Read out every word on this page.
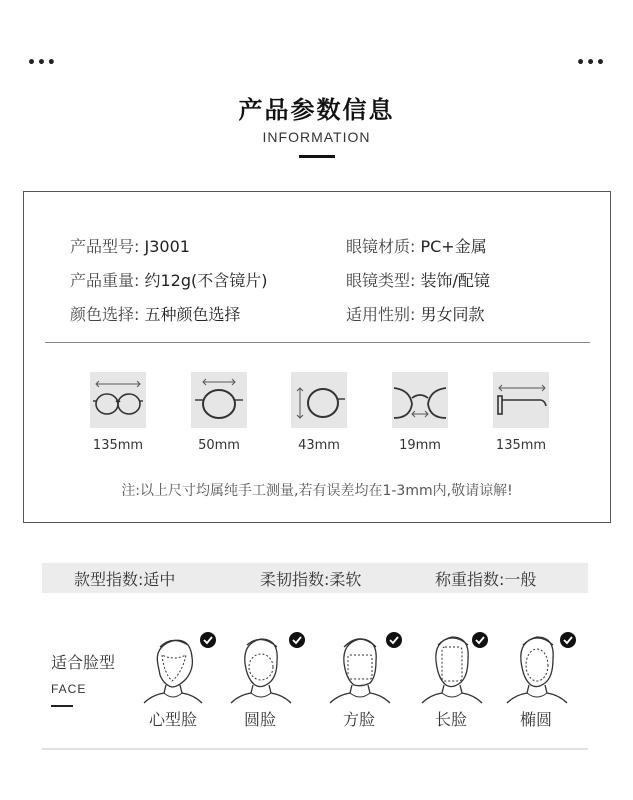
•••	•••
产品参数信息
INFORMATION
产品型号: J3001	眼镜材质: PC+金属
产品重量: 约12g(不含镜片)	眼镜类型: 装饰/配镜
颜色选择: 五种颜色选择	适用性别: 男女同款
135mm	50mm	43mm	19mm	135mm
注:以上尺寸均属纯手工测量,若有误差均在1-3mm内,敬请谅解!
款型指数:适中	柔韧指数:柔软	称重指数:一般
适合脸型
FACE
心型脸	圆脸	方脸	长脸	椭圆
